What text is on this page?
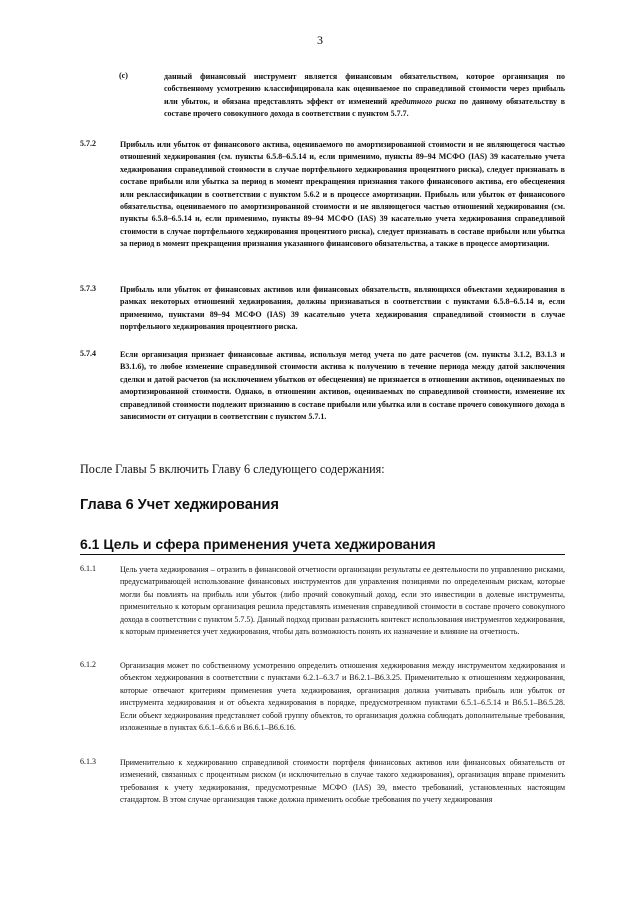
3
(c)	данный финансовый инструмент является финансовым обязательством, которое организация по собственному усмотрению классифицировала как оцениваемое по справедливой стоимости через прибыль или убыток, и обязана представлять эффект от изменений кредитного риска по данному обязательству в составе прочего совокупного дохода в соответствии с пунктом 5.7.7.
5.7.2	Прибыль или убыток от финансового актива, оцениваемого по амортизированной стоимости и не являющегося частью отношений хеджирования (см. пункты 6.5.8–6.5.14 и, если применимо, пункты 89–94 МСФО (IAS) 39 касательно учета хеджирования справедливой стоимости в случае портфельного хеджирования процентного риска), следует признавать в составе прибыли или убытка за период в момент прекращения признания такого финансового актива, его обесценения или реклассификации в соответствии с пунктом 5.6.2 и в процессе амортизации. Прибыль или убыток от финансового обязательства, оцениваемого по амортизированной стоимости и не являющегося частью отношений хеджирования (см. пункты 6.5.8–6.5.14 и, если применимо, пункты 89–94 МСФО (IAS) 39 касательно учета хеджирования справедливой стоимости в случае портфельного хеджирования процентного риска), следует признавать в составе прибыли или убытка за период в момент прекращения признания указанного финансового обязательства, а также в процессе амортизации.
5.7.3	Прибыль или убыток от финансовых активов или финансовых обязательств, являющихся объектами хеджирования в рамках некоторых отношений хеджирования, должны признаваться в соответствии с пунктами 6.5.8–6.5.14 и, если применимо, пунктами 89–94 МСФО (IAS) 39 касательно учета хеджирования справедливой стоимости в случае портфельного хеджирования процентного риска.
5.7.4	Если организация признает финансовые активы, используя метод учета по дате расчетов (см. пункты 3.1.2, B3.1.3 и B3.1.6), то любое изменение справедливой стоимости актива к получению в течение периода между датой заключения сделки и датой расчетов (за исключением убытков от обесценения) не признается в отношении активов, оцениваемых по амортизированной стоимости. Однако, в отношении активов, оцениваемых по справедливой стоимости, изменение их справедливой стоимости подлежит признанию в составе прибыли или убытка или в составе прочего совокупного дохода в зависимости от ситуации в соответствии с пунктом 5.7.1.
После Главы 5 включить Главу 6 следующего содержания:
Глава 6 Учет хеджирования
6.1 Цель и сфера применения учета хеджирования
6.1.1	Цель учета хеджирования – отразить в финансовой отчетности организации результаты ее деятельности по управлению рисками, предусматривающей использование финансовых инструментов для управления позициями по определенным рискам, которые могли бы повлиять на прибыль или убыток (либо прочий совокупный доход, если это инвестиции в долевые инструменты, применительно к которым организация решила представлять изменения справедливой стоимости в составе прочего совокупного дохода в соответствии с пунктом 5.7.5). Данный подход призван разъяснить контекст использования инструментов хеджирования, к которым применяется учет хеджирования, чтобы дать возможность понять их назначение и влияние на отчетность.
6.1.2	Организация может по собственному усмотрению определить отношения хеджирования между инструментом хеджирования и объектом хеджирования в соответствии с пунктами 6.2.1–6.3.7 и B6.2.1–B6.3.25. Применительно к отношениям хеджирования, которые отвечают критериям применения учета хеджирования, организация должна учитывать прибыль или убыток от инструмента хеджирования и от объекта хеджирования в порядке, предусмотренном пунктами 6.5.1–6.5.14 и B6.5.1–B6.5.28. Если объект хеджирования представляет собой группу объектов, то организация должна соблюдать дополнительные требования, изложенные в пунктах 6.6.1–6.6.6 и B6.6.1–B6.6.16.
6.1.3	Применительно к хеджированию справедливой стоимости портфеля финансовых активов или финансовых обязательств от изменений, связанных с процентным риском (и исключительно в случае такого хеджирования), организация вправе применить требования к учету хеджирования, предусмотренные МСФО (IAS) 39, вместо требований, установленных настоящим стандартом. В этом случае организация также должна применить особые требования по учету хеджирования
